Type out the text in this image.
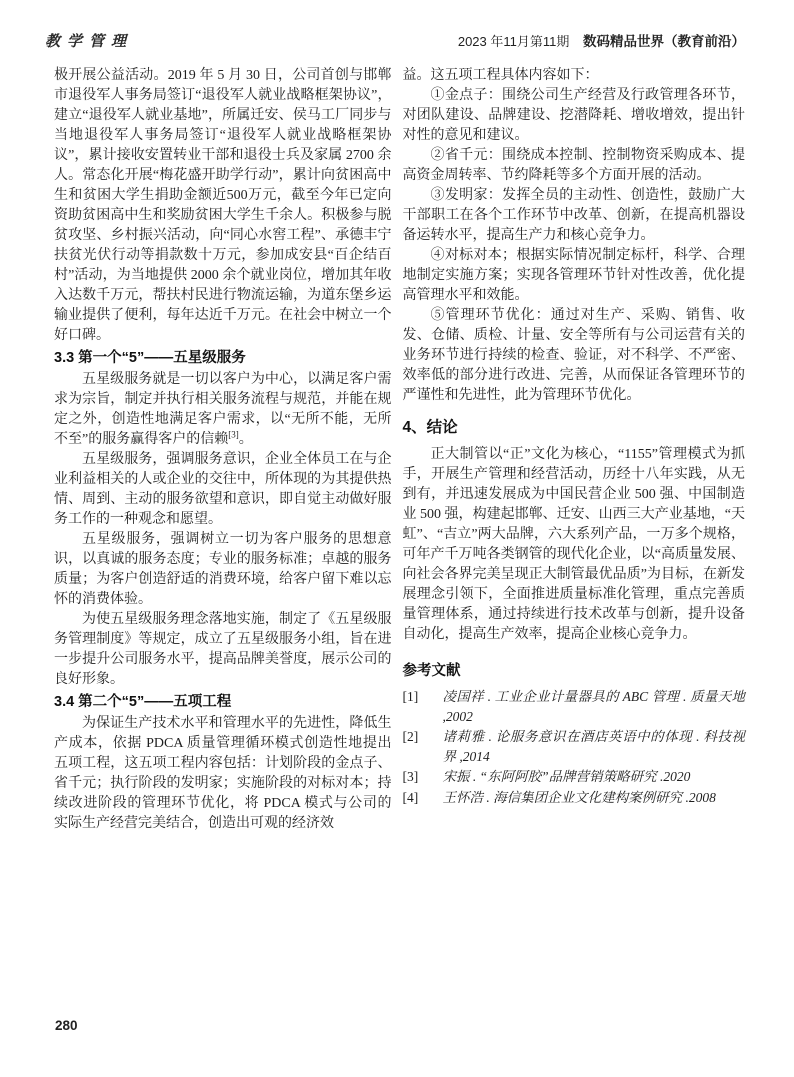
教学管理	2023 年11月第11期 数码精品世界（教育前沿）

极开展公益活动。2019 年 5 月 30 日，公司首创与邯郸市退役军人事务局签订“退役军人就业战略框架协议”，建立“退役军人就业基地”，所属迁安、侯马工厂同步与当地退役军人事务局签订“退役军人就业战略框架协议”，累计接收安置转业干部和退役士兵及家属 2700 余人。常态化开展“梅花盛开助学行动”，累计向贫困高中生和贫困大学生捐助金额近500万元，截至今年已定向资助贫困高中生和奖励贫困大学生千余人。积极参与脱贫攻坚、乡村振兴活动，向“同心水窖工程”、承德丰宁扶贫光伏行动等捐款数十万元，参加成安县“百企结百村”活动，为当地提供 2000 余个就业岗位，增加其年收入达数千万元，帮扶村民进行物流运输，为道东堡乡运输业提供了便利，每年达近千万元。在社会中树立一个好口碑。

3.3 第一个“5”——五星级服务

五星级服务就是一切以客户为中心，以满足客户需求为宗旨，制定并执行相关服务流程与规范，并能在规定之外，创造性地满足客户需求，以“无所不能，无所不至”的服务赢得客户的信赖[3]。

五星级服务，强调服务意识，企业全体员工在与企业利益相关的人或企业的交往中，所体现的为其提供热情、周到、主动的服务欲望和意识，即自觉主动做好服务工作的一种观念和愿望。

五星级服务，强调树立一切为客户服务的思想意识，以真诚的服务态度；专业的服务标准；卓越的服务质量；为客户创造舒适的消费环境，给客户留下难以忘怀的消费体验。

为使五星级服务理念落地实施，制定了《五星级服务管理制度》等规定，成立了五星级服务小组，旨在进一步提升公司服务水平，提高品牌美誉度，展示公司的良好形象。

3.4 第二个“5”——五项工程

为保证生产技术水平和管理水平的先进性，降低生产成本，依据 PDCA 质量管理循环模式创造性地提出五项工程，这五项工程内容包括：计划阶段的金点子、省千元；执行阶段的发明家；实施阶段的对标对本；持续改进阶段的管理环节优化，将 PDCA 模式与公司的实际生产经营完美结合，创造出可观的经济效

益。这五项工程具体内容如下：

①金点子：围绕公司生产经营及行政管理各环节，对团队建设、品牌建设、挖潜降耗、增收增效，提出针对性的意见和建议。

②省千元：围绕成本控制、控制物资采购成本、提高资金周转率、节约降耗等多个方面开展的活动。

③发明家：发挥全员的主动性、创造性，鼓励广大干部职工在各个工作环节中改革、创新，在提高机器设备运转水平，提高生产力和核心竞争力。

④对标对本；根据实际情况制定标杆，科学、合理地制定实施方案；实现各管理环节针对性改善，优化提高管理水平和效能。

⑤管理环节优化：通过对生产、采购、销售、收发、仓储、质检、计量、安全等所有与公司运营有关的业务环节进行持续的检查、验证，对不科学、不严密、效率低的部分进行改进、完善，从而保证各管理环节的严谨性和先进性，此为管理环节优化。

4、结论

正大制管以“正”文化为核心，“1155”管理模式为抓手，开展生产管理和经营活动，历经十八年实践，从无到有，并迅速发展成为中国民营企业 500 强、中国制造业 500 强，构建起邯郸、迁安、山西三大产业基地，“天虹”、“吉立”两大品牌，六大系列产品，一万多个规格，可年产千万吨各类钢管的现代化企业，以“高质量发展、向社会各界完美呈现正大制管最优品质”为目标，在新发展理念引领下，全面推进质量标准化管理，重点完善质量管理体系，通过持续进行技术改革与创新，提升设备自动化，提高生产效率，提高企业核心竞争力。

参考文献
[1]	凌国祥 . 工业企业计量器具的 ABC 管理 . 质量天地 ,2002
[2]	诸莉雅 . 论服务意识在酒店英语中的体现 . 科技视界 ,2014
[3]	宋振 . “东阿阿胶”品牌营销策略研究 .2020
[4]	王怀浩 . 海信集团企业文化建构案例研究 .2008
280
